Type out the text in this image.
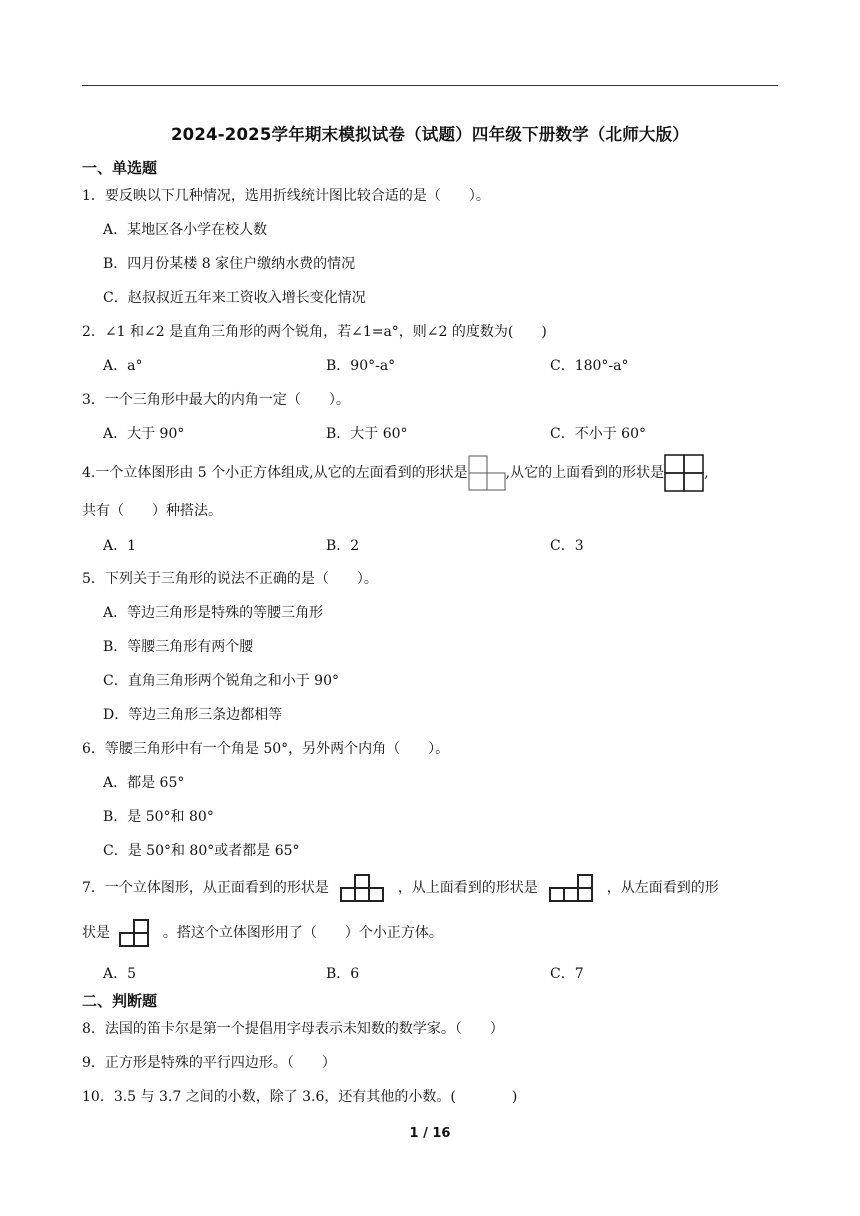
2024-2025学年期末模拟试卷（试题）四年级下册数学（北师大版）
一、单选题
1．要反映以下几种情况，选用折线统计图比较合适的是（　　）。
A．某地区各小学在校人数
B．四月份某楼 8 家住户缴纳水费的情况
C．赵叔叔近五年来工资收入增长变化情况
2．∠1 和∠2 是直角三角形的两个锐角，若∠1=a°，则∠2 的度数为(　　)
A．a°	B．90°-a°	C．180°-a°
3．一个三角形中最大的内角一定（　　）。
A．大于 90°	B．大于 60°	C．不小于 60°
4.一个立体图形由 5 个小正方体组成,从它的左面看到的形状是	,从它的上面看到的形状是	,
共有（　　）种搭法。
A．1	B．2	C．3
5．下列关于三角形的说法不正确的是（　　）。
A．等边三角形是特殊的等腰三角形
B．等腰三角形有两个腰
C．直角三角形两个锐角之和小于 90°
D．等边三角形三条边都相等
6．等腰三角形中有一个角是 50°，另外两个内角（　　）。
A．都是 65°
B．是 50°和 80°
C．是 50°和 80°或者都是 65°
7．一个立体图形，从正面看到的形状是	，从上面看到的形状是	，从左面看到的形
状是	。搭这个立体图形用了（　　）个小正方体。
A．5	B．6	C．7
二、判断题
8．法国的笛卡尔是第一个提倡用字母表示未知数的数学家。（　　）
9．正方形是特殊的平行四边形。（　　）
10．3.5 与 3.7 之间的小数，除了 3.6，还有其他的小数。(　　　　)
1 / 16
